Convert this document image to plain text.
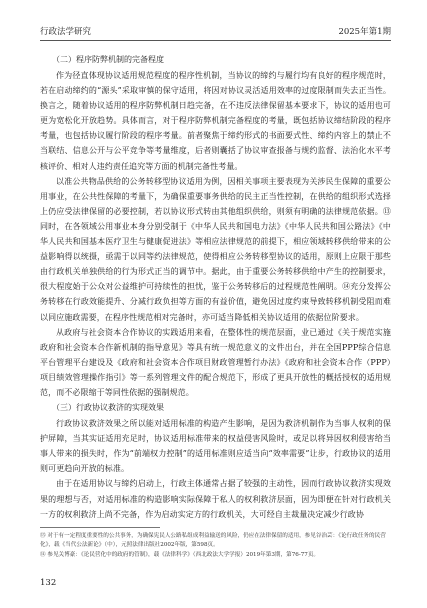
行政法学研究	2025年第1期
（二）程序防弊机制的完备程度

作为径直体现协议适用规范程度的程序性机制，当协议的缔约与履行均有良好的程序规范时，若在启动缔约的“源头”采取审慎的保守适用，将因对协议灵活适用效率的过度限制而失去正当性。换言之，随着协议适用的程序防弊机制日趋完备，在不违反法律保留基本要求下，协议的适用也可更为宽松化开放趋势。具体而言，对于程序防弊机制完备程度的考量，既包括协议缔结阶段的程序考量，也包括协议履行阶段的程序考量。前者聚焦于缔约形式的书面要式性、缔约内容上的禁止不当联结、信息公开与公平竞争等考量维度，后者则囊括了协议审查报备与规约监督、法治化水平考核评价、相对人违约责任追究等方面的机制完备性考量。

以准公共物品供给的公务转移型协议适用为例，因相关事项主要表现为关涉民生保障的重要公用事业，在公共性保障的考量下，为确保重要事务供给的民主正当性控制，在供给的组织形式选择上仍应受法律保留的必要控制，若以协议形式转由其他组织供给，则须有明确的法律规范依据。⑬同时，在各领域公用事业本身分别受制于《中华人民共和国电力法》《中华人民共和国公路法》《中华人民共和国基本医疗卫生与健康促进法》等相应法律规范的前提下，相应领域转移供给带来的公益影响得以统摄，亟需于以同等约法律规范，使得相应公务转移型协议的适用，原则上应限于那些由行政机关单独供给的行为形式正当的调节中。据此，由于重要公务转移供给中产生的控制要求，很大程度始于公众对公益维护可持续性的担忧，鉴于公务转移后的过程规范性阐明。⑭充分发挥公务转移在行政效能提升、分减行政负担等方面的有益价值，避免因过度约束导致转移机制受阻而难以同应施政需要，在程序性规范相对完备时，亦可适当降低相关协议适用的依据位阶要求。

从政府与社会资本合作协议的实践适用来看，在整体性的规范层面，业已通过《关于规范实施政府和社会资本合作新机制的指导意见》等具有统一规范意义的文件出台，并在全国PPP综合信息平台管理平台建设及《政府和社会资本合作项目财政管理暂行办法》《政府和社会资本合作（PPP）项目绩效管理操作指引》等一系列管理文件的配合规范下，形成了更具开放性的概括授权的适用规范，而不必限缩于等同性依据的强制规范。

（三）行政协议救济的实现效果

行政协议救济效果之所以能对适用标准的构造产生影响，是因为救济机制作为当事人权利的保护屏障，当其实证适用充足时，协议适用标准带来的权益侵害风险时，或足以将异因权利侵害给当事人带来的损失时，作为“前端权力控制”的适用标准则应适当向“效率需要”让步，行政协议的适用则可更趋向开放的标准。

由于在适用协议与缔约启动上，行政主体通常占据了较强的主动性，因而行政协议救济实现效果的理想与否，对适用标准的构造影响实际保障于私人的权利救济层面，因为即便在针对行政机关一方的权利救济上尚不完备，作为启动实定方的行政机关，大可经自主裁量决定减少行政协

⑬ 对于有一定程度重要性的公共事务，为确保宪民人公路私组成利益输送的风险，仍应在法律保留的适用，参见谷治芸：《论行政任务的民营化》，载《当代公法新论》（中），元照法律出版社2002年版，第598页。

⑭ 参见关博豪：《论民营化中的政府的管制》，载《法律科学》（西北政法大学学报）2019年第3期，第76-77页。

132
